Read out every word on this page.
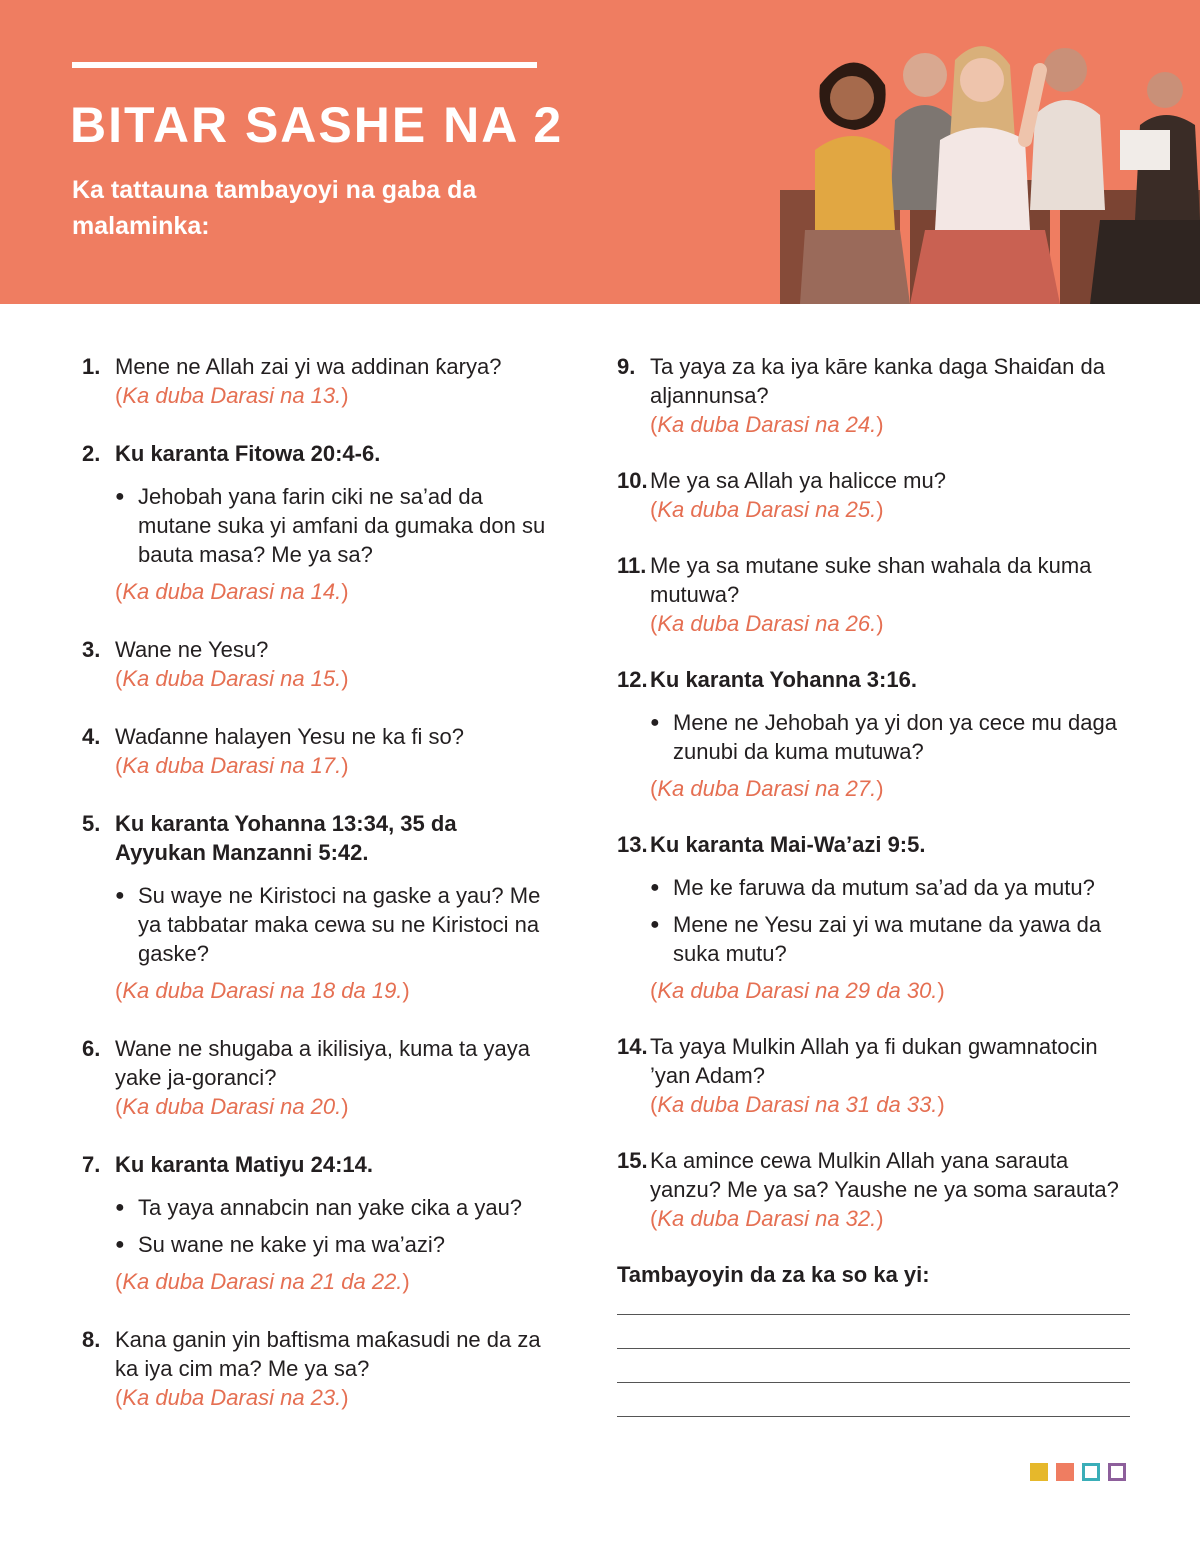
BITAR SASHE NA 2
Ka tattauna tambayoyi na gaba da malaminka:
1. Mene ne Allah zai yi wa addinan ƙarya?
(Ka duba Darasi na 13.)
2. Ku karanta Fitowa 20:4-6.
● Jehobah yana farin ciki ne sa’ad da mutane suka yi amfani da gumaka don su bauta masa? Me ya sa?
(Ka duba Darasi na 14.)
3. Wane ne Yesu?
(Ka duba Darasi na 15.)
4. Waɗanne halayen Yesu ne ka fi so?
(Ka duba Darasi na 17.)
5. Ku karanta Yohanna 13:34, 35 da Ayyukan Manzanni 5:42.
● Su waye ne Kiristoci na gaske a yau? Me ya tabbatar maka cewa su ne Kiristoci na gaske?
(Ka duba Darasi na 18 da 19.)
6. Wane ne shugaba a ikilisiya, kuma ta yaya yake ja-goranci?
(Ka duba Darasi na 20.)
7. Ku karanta Matiyu 24:14.
● Ta yaya annabcin nan yake cika a yau?
● Su wane ne kake yi ma wa’azi?
(Ka duba Darasi na 21 da 22.)
8. Kana ganin yin baftisma maƙasudi ne da za ka iya cim ma? Me ya sa?
(Ka duba Darasi na 23.)
9. Ta yaya za ka iya kāre kanka daga Shaiɗan da aljannunsa?
(Ka duba Darasi na 24.)
10. Me ya sa Allah ya halicce mu?
(Ka duba Darasi na 25.)
11. Me ya sa mutane suke shan wahala da kuma mutuwa?
(Ka duba Darasi na 26.)
12. Ku karanta Yohanna 3:16.
● Mene ne Jehobah ya yi don ya cece mu daga zunubi da kuma mutuwa?
(Ka duba Darasi na 27.)
13. Ku karanta Mai-Wa’azi 9:5.
● Me ke faruwa da mutum sa’ad da ya mutu?
● Mene ne Yesu zai yi wa mutane da yawa da suka mutu?
(Ka duba Darasi na 29 da 30.)
14. Ta yaya Mulkin Allah ya fi dukan gwamnatocin ’yan Adam?
(Ka duba Darasi na 31 da 33.)
15. Ka amince cewa Mulkin Allah yana sarauta yanzu? Me ya sa? Yaushe ne ya soma sarauta?
(Ka duba Darasi na 32.)
Tambayoyin da za ka so ka yi:
